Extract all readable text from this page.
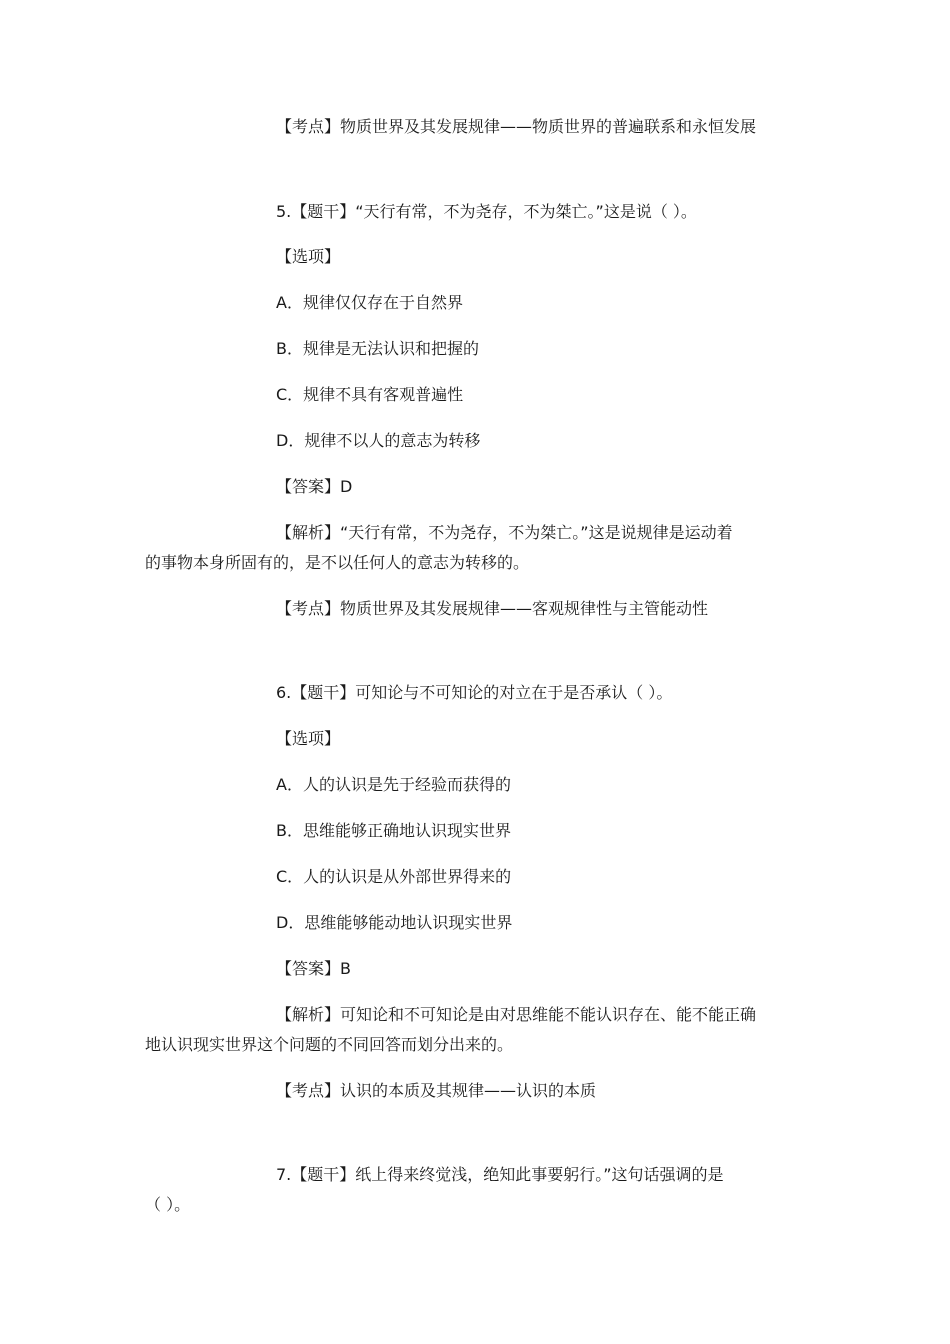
【考点】物质世界及其发展规律——物质世界的普遍联系和永恒发展
5.【题干】“天行有常，不为尧存，不为桀亡。”这是说（ ）。
【选项】
A．规律仅仅存在于自然界
B．规律是无法认识和把握的
C．规律不具有客观普遍性
D．规律不以人的意志为转移
【答案】D
【解析】“天行有常，不为尧存，不为桀亡。”这是说规律是运动着
的事物本身所固有的，是不以任何人的意志为转移的。
【考点】物质世界及其发展规律——客观规律性与主管能动性
6.【题干】可知论与不可知论的对立在于是否承认（ ）。
【选项】
A．人的认识是先于经验而获得的
B．思维能够正确地认识现实世界
C．人的认识是从外部世界得来的
D．思维能够能动地认识现实世界
【答案】B
【解析】可知论和不可知论是由对思维能不能认识存在、能不能正确
地认识现实世界这个问题的不同回答而划分出来的。
【考点】认识的本质及其规律——认识的本质
7.【题干】纸上得来终觉浅，绝知此事要躬行。”这句话强调的是
（ ）。
